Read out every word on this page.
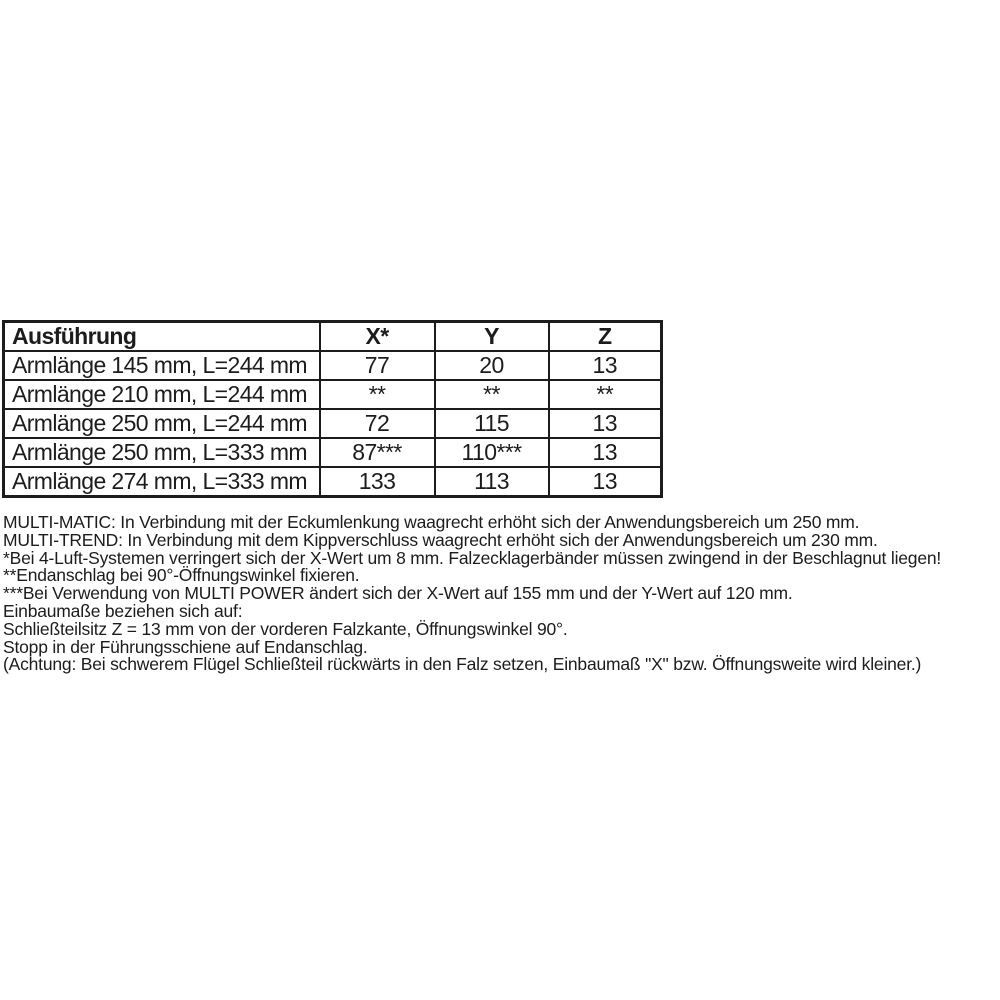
Ausführung	X*	Y	Z
Armlänge 145 mm, L=244 mm	77	20	13
Armlänge 210 mm, L=244 mm	**	**	**
Armlänge 250 mm, L=244 mm	72	115	13
Armlänge 250 mm, L=333 mm	87***	110***	13
Armlänge 274 mm, L=333 mm	133	113	13
MULTI-MATIC: In Verbindung mit der Eckumlenkung waagrecht erhöht sich der Anwendungsbereich um 250 mm.
MULTI-TREND: In Verbindung mit dem Kippverschluss waagrecht erhöht sich der Anwendungsbereich um 230 mm.
*Bei 4-Luft-Systemen verringert sich der X-Wert um 8 mm. Falzecklagerbänder müssen zwingend in der Beschlagnut liegen!
**Endanschlag bei 90°-Öffnungswinkel fixieren.
***Bei Verwendung von MULTI POWER ändert sich der X-Wert auf 155 mm und der Y-Wert auf 120 mm.
Einbaumaße beziehen sich auf:
Schließteilsitz Z = 13 mm von der vorderen Falzkante, Öffnungswinkel 90°.
Stopp in der Führungsschiene auf Endanschlag.
(Achtung: Bei schwerem Flügel Schließteil rückwärts in den Falz setzen, Einbaumaß "X" bzw. Öffnungsweite wird kleiner.)
